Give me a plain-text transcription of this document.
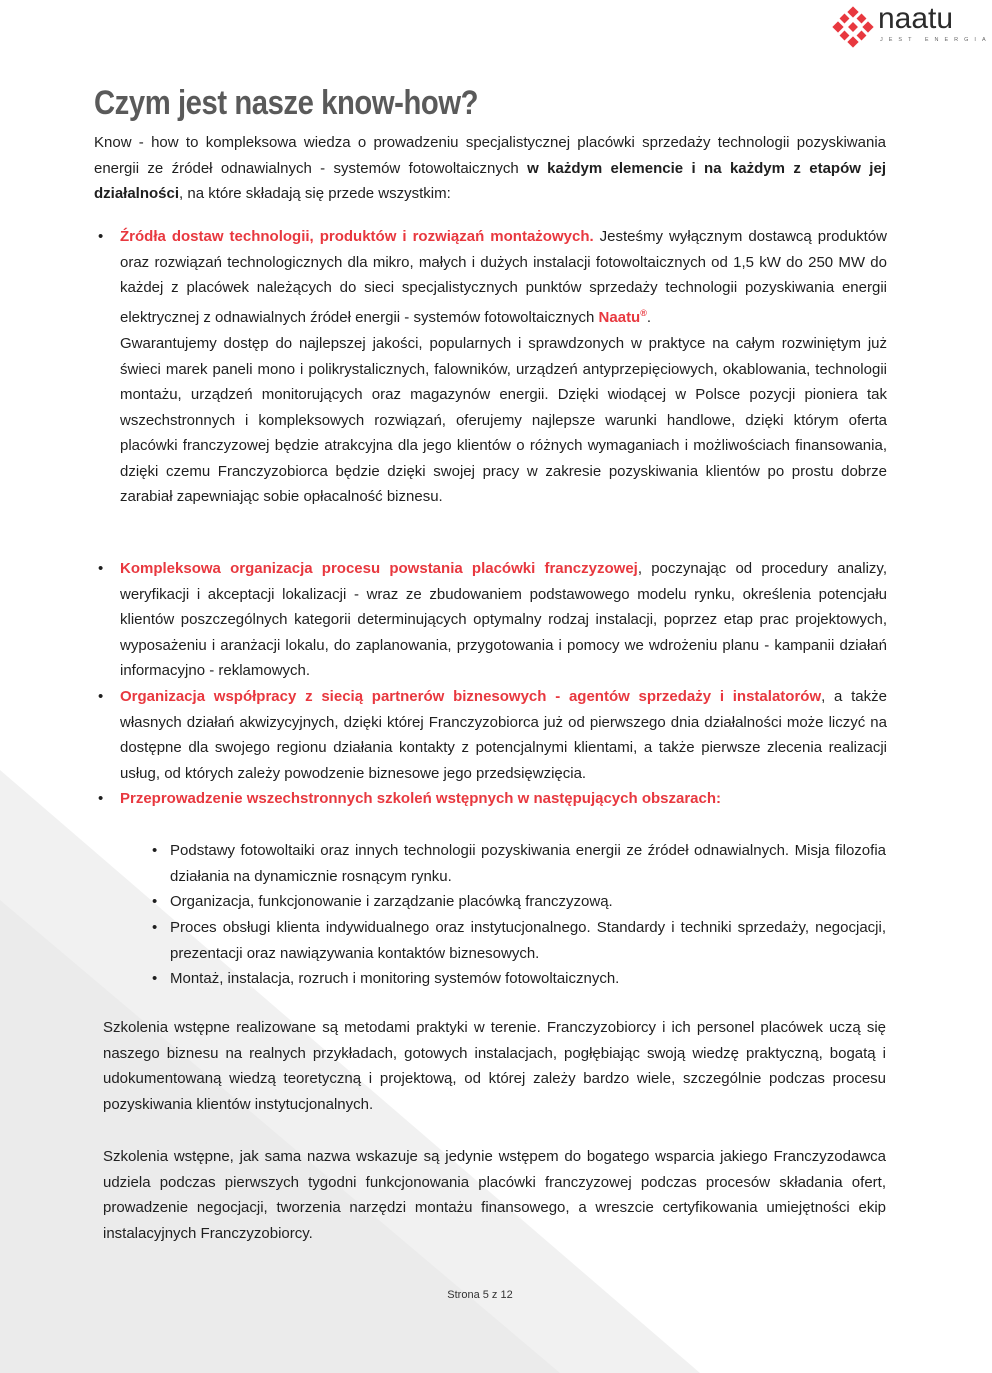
naatu
JEST ENERGIA
Czym jest nasze know-how?
Know - how to kompleksowa wiedza o prowadzeniu specjalistycznej placówki sprzedaży technologii pozyskiwania energii ze źródeł odnawialnych - systemów fotowoltaicznych w każdym elemencie i na każdym z etapów jej działalności, na które składają się przede wszystkim:
• Źródła dostaw technologii, produktów i rozwiązań montażowych. Jesteśmy wyłącznym dostawcą produktów oraz rozwiązań technologicznych dla mikro, małych i dużych instalacji fotowoltaicznych od 1,5 kW do 250 MW do każdej z placówek należących do sieci specjalistycznych punktów sprzedaży technologii pozyskiwania energii elektrycznej z odnawialnych źródeł energii - systemów fotowoltaicznych Naatu®.
Gwarantujemy dostęp do najlepszej jakości, popularnych i sprawdzonych w praktyce na całym rozwiniętym już świeci marek paneli mono i polikrystalicznych, falowników, urządzeń antyprzepięciowych, okablowania, technologii montażu, urządzeń monitorujących oraz magazynów energii. Dzięki wiodącej w Polsce pozycji pioniera tak wszechstronnych i kompleksowych rozwiązań, oferujemy najlepsze warunki handlowe, dzięki którym oferta placówki franczyzowej będzie atrakcyjna dla jego klientów o różnych wymaganiach i możliwościach finansowania, dzięki czemu Franczyzobiorca będzie dzięki swojej pracy w zakresie pozyskiwania klientów po prostu dobrze zarabiał zapewniając sobie opłacalność biznesu.
• Kompleksowa organizacja procesu powstania placówki franczyzowej, poczynając od procedury analizy, weryfikacji i akceptacji lokalizacji - wraz ze zbudowaniem podstawowego modelu rynku, określenia potencjału klientów poszczególnych kategorii determinujących optymalny rodzaj instalacji, poprzez etap prac projektowych, wyposażeniu i aranżacji lokalu, do zaplanowania, przygotowania i pomocy we wdrożeniu planu - kampanii działań informacyjno - reklamowych.
• Organizacja współpracy z siecią partnerów biznesowych - agentów sprzedaży i instalatorów, a także własnych działań akwizycyjnych, dzięki której Franczyzobiorca już od pierwszego dnia działalności może liczyć na dostępne dla swojego regionu działania kontakty z potencjalnymi klientami, a także pierwsze zlecenia realizacji usług, od których zależy powodzenie biznesowe jego przedsięwzięcia.
• Przeprowadzenie wszechstronnych szkoleń wstępnych w następujących obszarach:
• Podstawy fotowoltaiki oraz innych technologii pozyskiwania energii ze źródeł odnawialnych. Misja filozofia działania na dynamicznie rosnącym rynku.
• Organizacja, funkcjonowanie i zarządzanie placówką franczyzową.
• Proces obsługi klienta indywidualnego oraz instytucjonalnego. Standardy i techniki sprzedaży, negocjacji, prezentacji oraz nawiązywania kontaktów biznesowych.
• Montaż, instalacja, rozruch i monitoring systemów fotowoltaicznych.
Szkolenia wstępne realizowane są metodami praktyki w terenie. Franczyzobiorcy i ich personel placówek uczą się naszego biznesu na realnych przykładach, gotowych instalacjach, pogłębiając swoją wiedzę praktyczną, bogatą i udokumentowaną wiedzą teoretyczną i projektową, od której zależy bardzo wiele, szczególnie podczas procesu pozyskiwania klientów instytucjonalnych.
Szkolenia wstępne, jak sama nazwa wskazuje są jedynie wstępem do bogatego wsparcia jakiego Franczyzodawca udziela podczas pierwszych tygodni funkcjonowania placówki franczyzowej podczas procesów składania ofert, prowadzenie negocjacji, tworzenia narzędzi montażu finansowego, a wreszcie certyfikowania umiejętności ekip instalacyjnych Franczyzobiorcy.
Strona 5 z 12
